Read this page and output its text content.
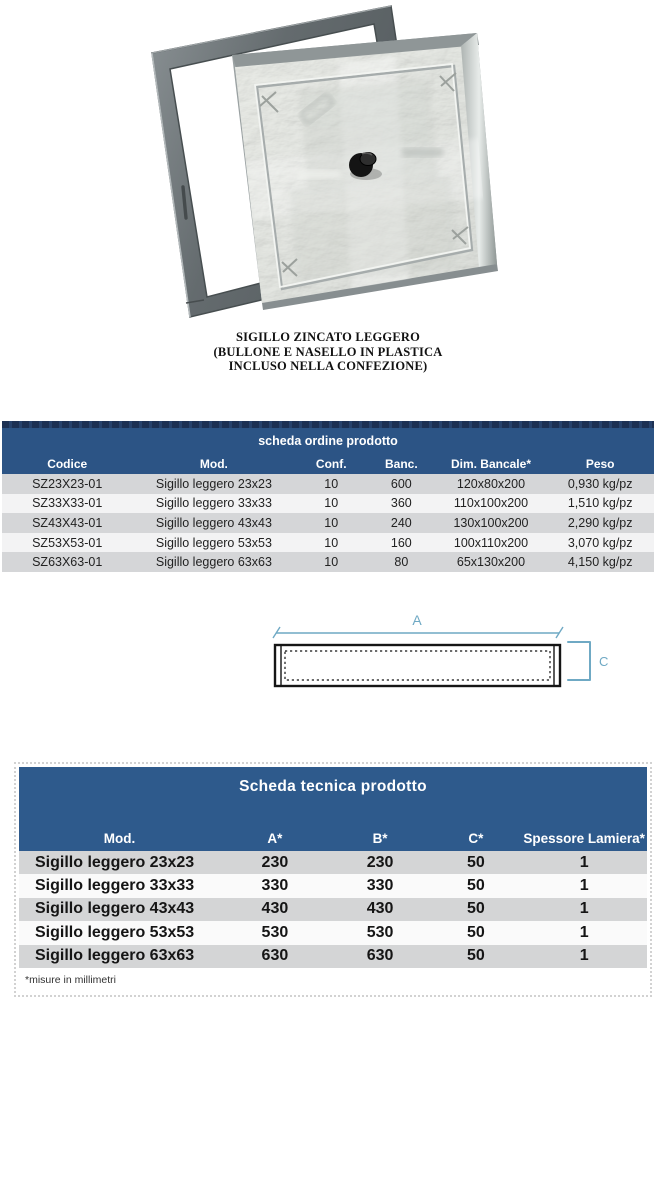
SIGILLO ZINCATO LEGGERO
(BULLONE E NASELLO IN PLASTICA
INCLUSO NELLA CONFEZIONE)
scheda ordine prodotto
Codice	Mod.	Conf.	Banc.	Dim. Bancale*	Peso
SZ23X23-01	Sigillo leggero 23x23	10	600	120x80x200	0,930 kg/pz
SZ33X33-01	Sigillo leggero 33x33	10	360	110x100x200	1,510 kg/pz
SZ43X43-01	Sigillo leggero 43x43	10	240	130x100x200	2,290 kg/pz
SZ53X53-01	Sigillo leggero 53x53	10	160	100x110x200	3,070 kg/pz
SZ63X63-01	Sigillo leggero 63x63	10	80	65x130x200	4,150 kg/pz
A
C
Scheda tecnica prodotto
Mod.	A*	B*	C*	Spessore Lamiera*
Sigillo leggero 23x23	230	230	50	1
Sigillo leggero 33x33	330	330	50	1
Sigillo leggero 43x43	430	430	50	1
Sigillo leggero 53x53	530	530	50	1
Sigillo leggero 63x63	630	630	50	1
*misure in millimetri
